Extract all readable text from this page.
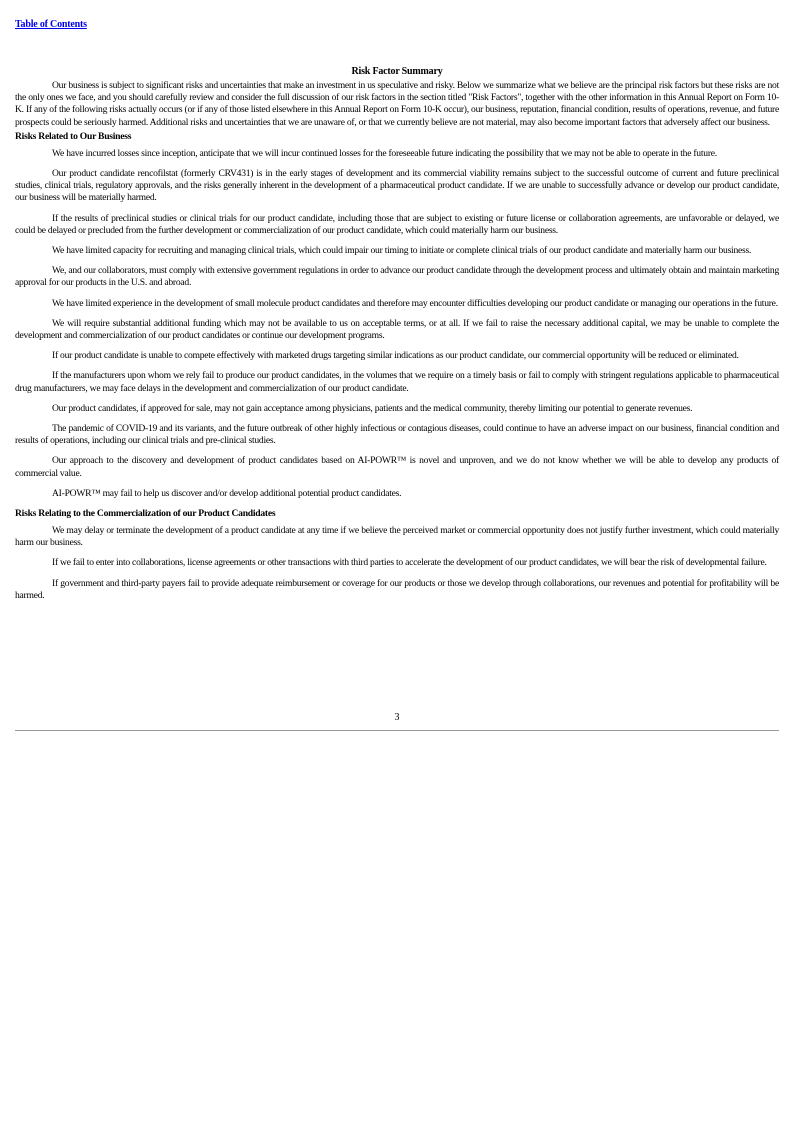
Table of Contents
Risk Factor Summary

Our business is subject to significant risks and uncertainties that make an investment in us speculative and risky. Below we summarize what we believe are the principal risk factors but these risks are not the only ones we face, and you should carefully review and consider the full discussion of our risk factors in the section titled "Risk Factors", together with the other information in this Annual Report on Form 10-K. If any of the following risks actually occurs (or if any of those listed elsewhere in this Annual Report on Form 10-K occur), our business, reputation, financial condition, results of operations, revenue, and future prospects could be seriously harmed. Additional risks and uncertainties that we are unaware of, or that we currently believe are not material, may also become important factors that adversely affect our business.

Risks Related to Our Business

We have incurred losses since inception, anticipate that we will incur continued losses for the foreseeable future indicating the possibility that we may not be able to operate in the future.

Our product candidate rencofilstat (formerly CRV431) is in the early stages of development and its commercial viability remains subject to the successful outcome of current and future preclinical studies, clinical trials, regulatory approvals, and the risks generally inherent in the development of a pharmaceutical product candidate. If we are unable to successfully advance or develop our product candidate, our business will be materially harmed.

If the results of preclinical studies or clinical trials for our product candidate, including those that are subject to existing or future license or collaboration agreements, are unfavorable or delayed, we could be delayed or precluded from the further development or commercialization of our product candidate, which could materially harm our business.

We have limited capacity for recruiting and managing clinical trials, which could impair our timing to initiate or complete clinical trials of our product candidate and materially harm our business.

We, and our collaborators, must comply with extensive government regulations in order to advance our product candidate through the development process and ultimately obtain and maintain marketing approval for our products in the U.S. and abroad.

We have limited experience in the development of small molecule product candidates and therefore may encounter difficulties developing our product candidate or managing our operations in the future.

We will require substantial additional funding which may not be available to us on acceptable terms, or at all. If we fail to raise the necessary additional capital, we may be unable to complete the development and commercialization of our product candidates or continue our development programs.

If our product candidate is unable to compete effectively with marketed drugs targeting similar indications as our product candidate, our commercial opportunity will be reduced or eliminated.

If the manufacturers upon whom we rely fail to produce our product candidates, in the volumes that we require on a timely basis or fail to comply with stringent regulations applicable to pharmaceutical drug manufacturers, we may face delays in the development and commercialization of our product candidate.

Our product candidates, if approved for sale, may not gain acceptance among physicians, patients and the medical community, thereby limiting our potential to generate revenues.

The pandemic of COVID-19 and its variants, and the future outbreak of other highly infectious or contagious diseases, could continue to have an adverse impact on our business, financial condition and results of operations, including our clinical trials and pre-clinical studies.

Our approach to the discovery and development of product candidates based on AI-POWR™ is novel and unproven, and we do not know whether we will be able to develop any products of commercial value.

AI-POWR™ may fail to help us discover and/or develop additional potential product candidates.

Risks Relating to the Commercialization of our Product Candidates

We may delay or terminate the development of a product candidate at any time if we believe the perceived market or commercial opportunity does not justify further investment, which could materially harm our business.

If we fail to enter into collaborations, license agreements or other transactions with third parties to accelerate the development of our product candidates, we will bear the risk of developmental failure.

If government and third-party payers fail to provide adequate reimbursement or coverage for our products or those we develop through collaborations, our revenues and potential for profitability will be harmed.

3
